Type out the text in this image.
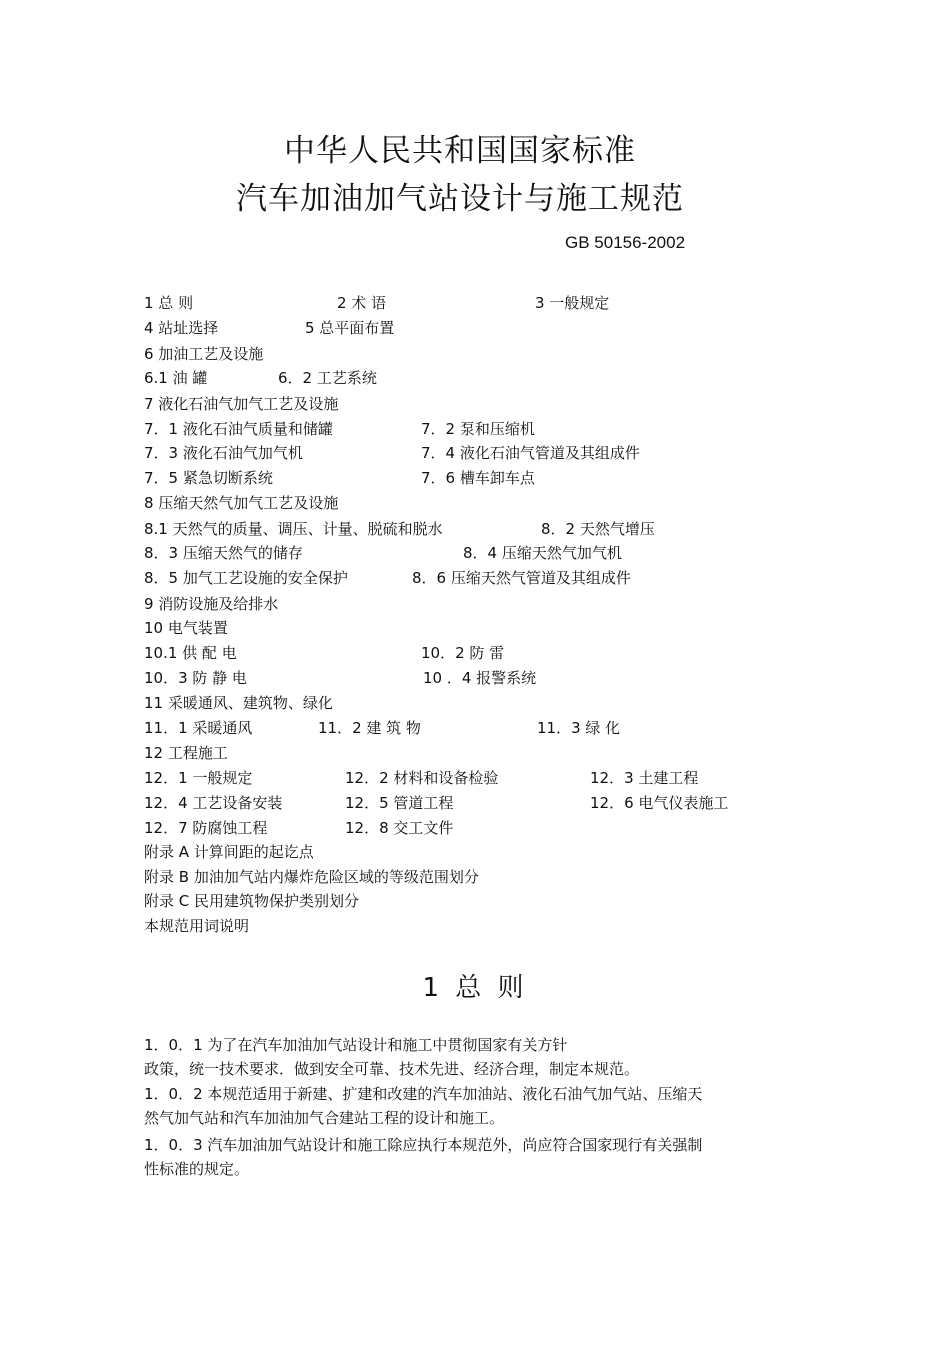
中华人民共和国国家标准
汽车加油加气站设计与施工规范
GB 50156-2002
1 总 则	2 术 语	3 一般规定
4 站址选择	5 总平面布置
6 加油工艺及设施
6.1 油 罐	6．2 工艺系统
7 液化石油气加气工艺及设施
7．1 液化石油气质量和储罐	7．2 泵和压缩机
7．3 液化石油气加气机	7．4 液化石油气管道及其组成件
7．5 紧急切断系统	7．6 槽车卸车点
8 压缩天然气加气工艺及设施
8.1 天然气的质量、调压、计量、脱硫和脱水	8．2 天然气增压
8．3 压缩天然气的储存	8．4 压缩天然气加气机
8．5 加气工艺设施的安全保护	8．6 压缩天然气管道及其组成件
9 消防设施及给排水
10 电气装置
10.1 供 配 电	10．2 防 雷
10．3 防 静 电	10 ．4 报警系统
11 采暖通风、建筑物、绿化
11．1 采暖通风	11．2 建 筑 物	11．3 绿 化
12 工程施工
12．1 一般规定	12．2 材料和设备检验	12．3 土建工程
12．4 工艺设备安装	12．5 管道工程	12．6 电气仪表施工
12．7 防腐蚀工程	12．8 交工文件
附录 A 计算间距的起讫点
附录 B 加油加气站内爆炸危险区域的等级范围划分
附录 C 民用建筑物保护类别划分
本规范用词说明
1 总 则
1．0．1 为了在汽车加油加气站设计和施工中贯彻国家有关方针
政策，统一技术要求．做到安全可靠、技术先进、经济合理，制定本规范。
1．0．2 本规范适用于新建、扩建和改建的汽车加油站、液化石油气加气站、压缩天
然气加气站和汽车加油加气合建站工程的设计和施工。
1．0．3 汽车加油加气站设计和施工除应执行本规范外，尚应符合国家现行有关强制
性标准的规定。
